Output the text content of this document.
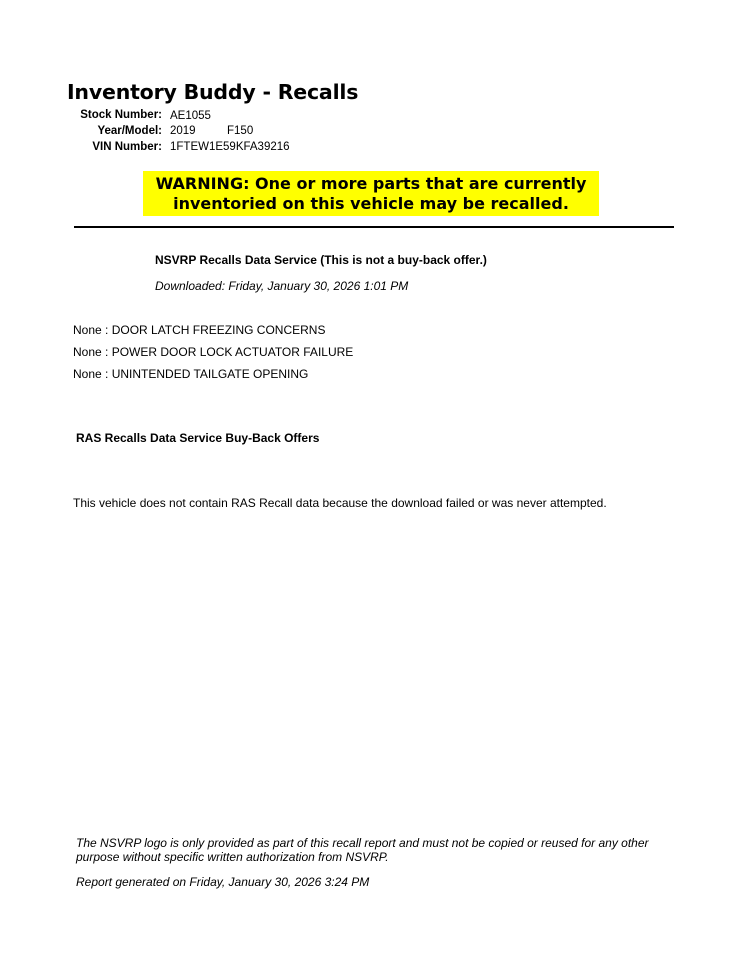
Inventory Buddy - Recalls
Stock Number: AE1055
Year/Model: 2019	F150
VIN Number: 1FTEW1E59KFA39216
WARNING: One or more parts that are currently inventoried on this vehicle may be recalled.
NSVRP Recalls Data Service (This is not a buy-back offer.)
Downloaded: Friday, January 30, 2026 1:01 PM
None : DOOR LATCH FREEZING CONCERNS
None : POWER DOOR LOCK ACTUATOR FAILURE
None : UNINTENDED TAILGATE OPENING
RAS Recalls Data Service Buy-Back Offers
This vehicle does not contain RAS Recall data because the download failed or was never attempted.
The NSVRP logo is only provided as part of this recall report and must not be copied or reused for any other purpose without specific written authorization from NSVRP.
Report generated on Friday, January 30, 2026 3:24 PM
